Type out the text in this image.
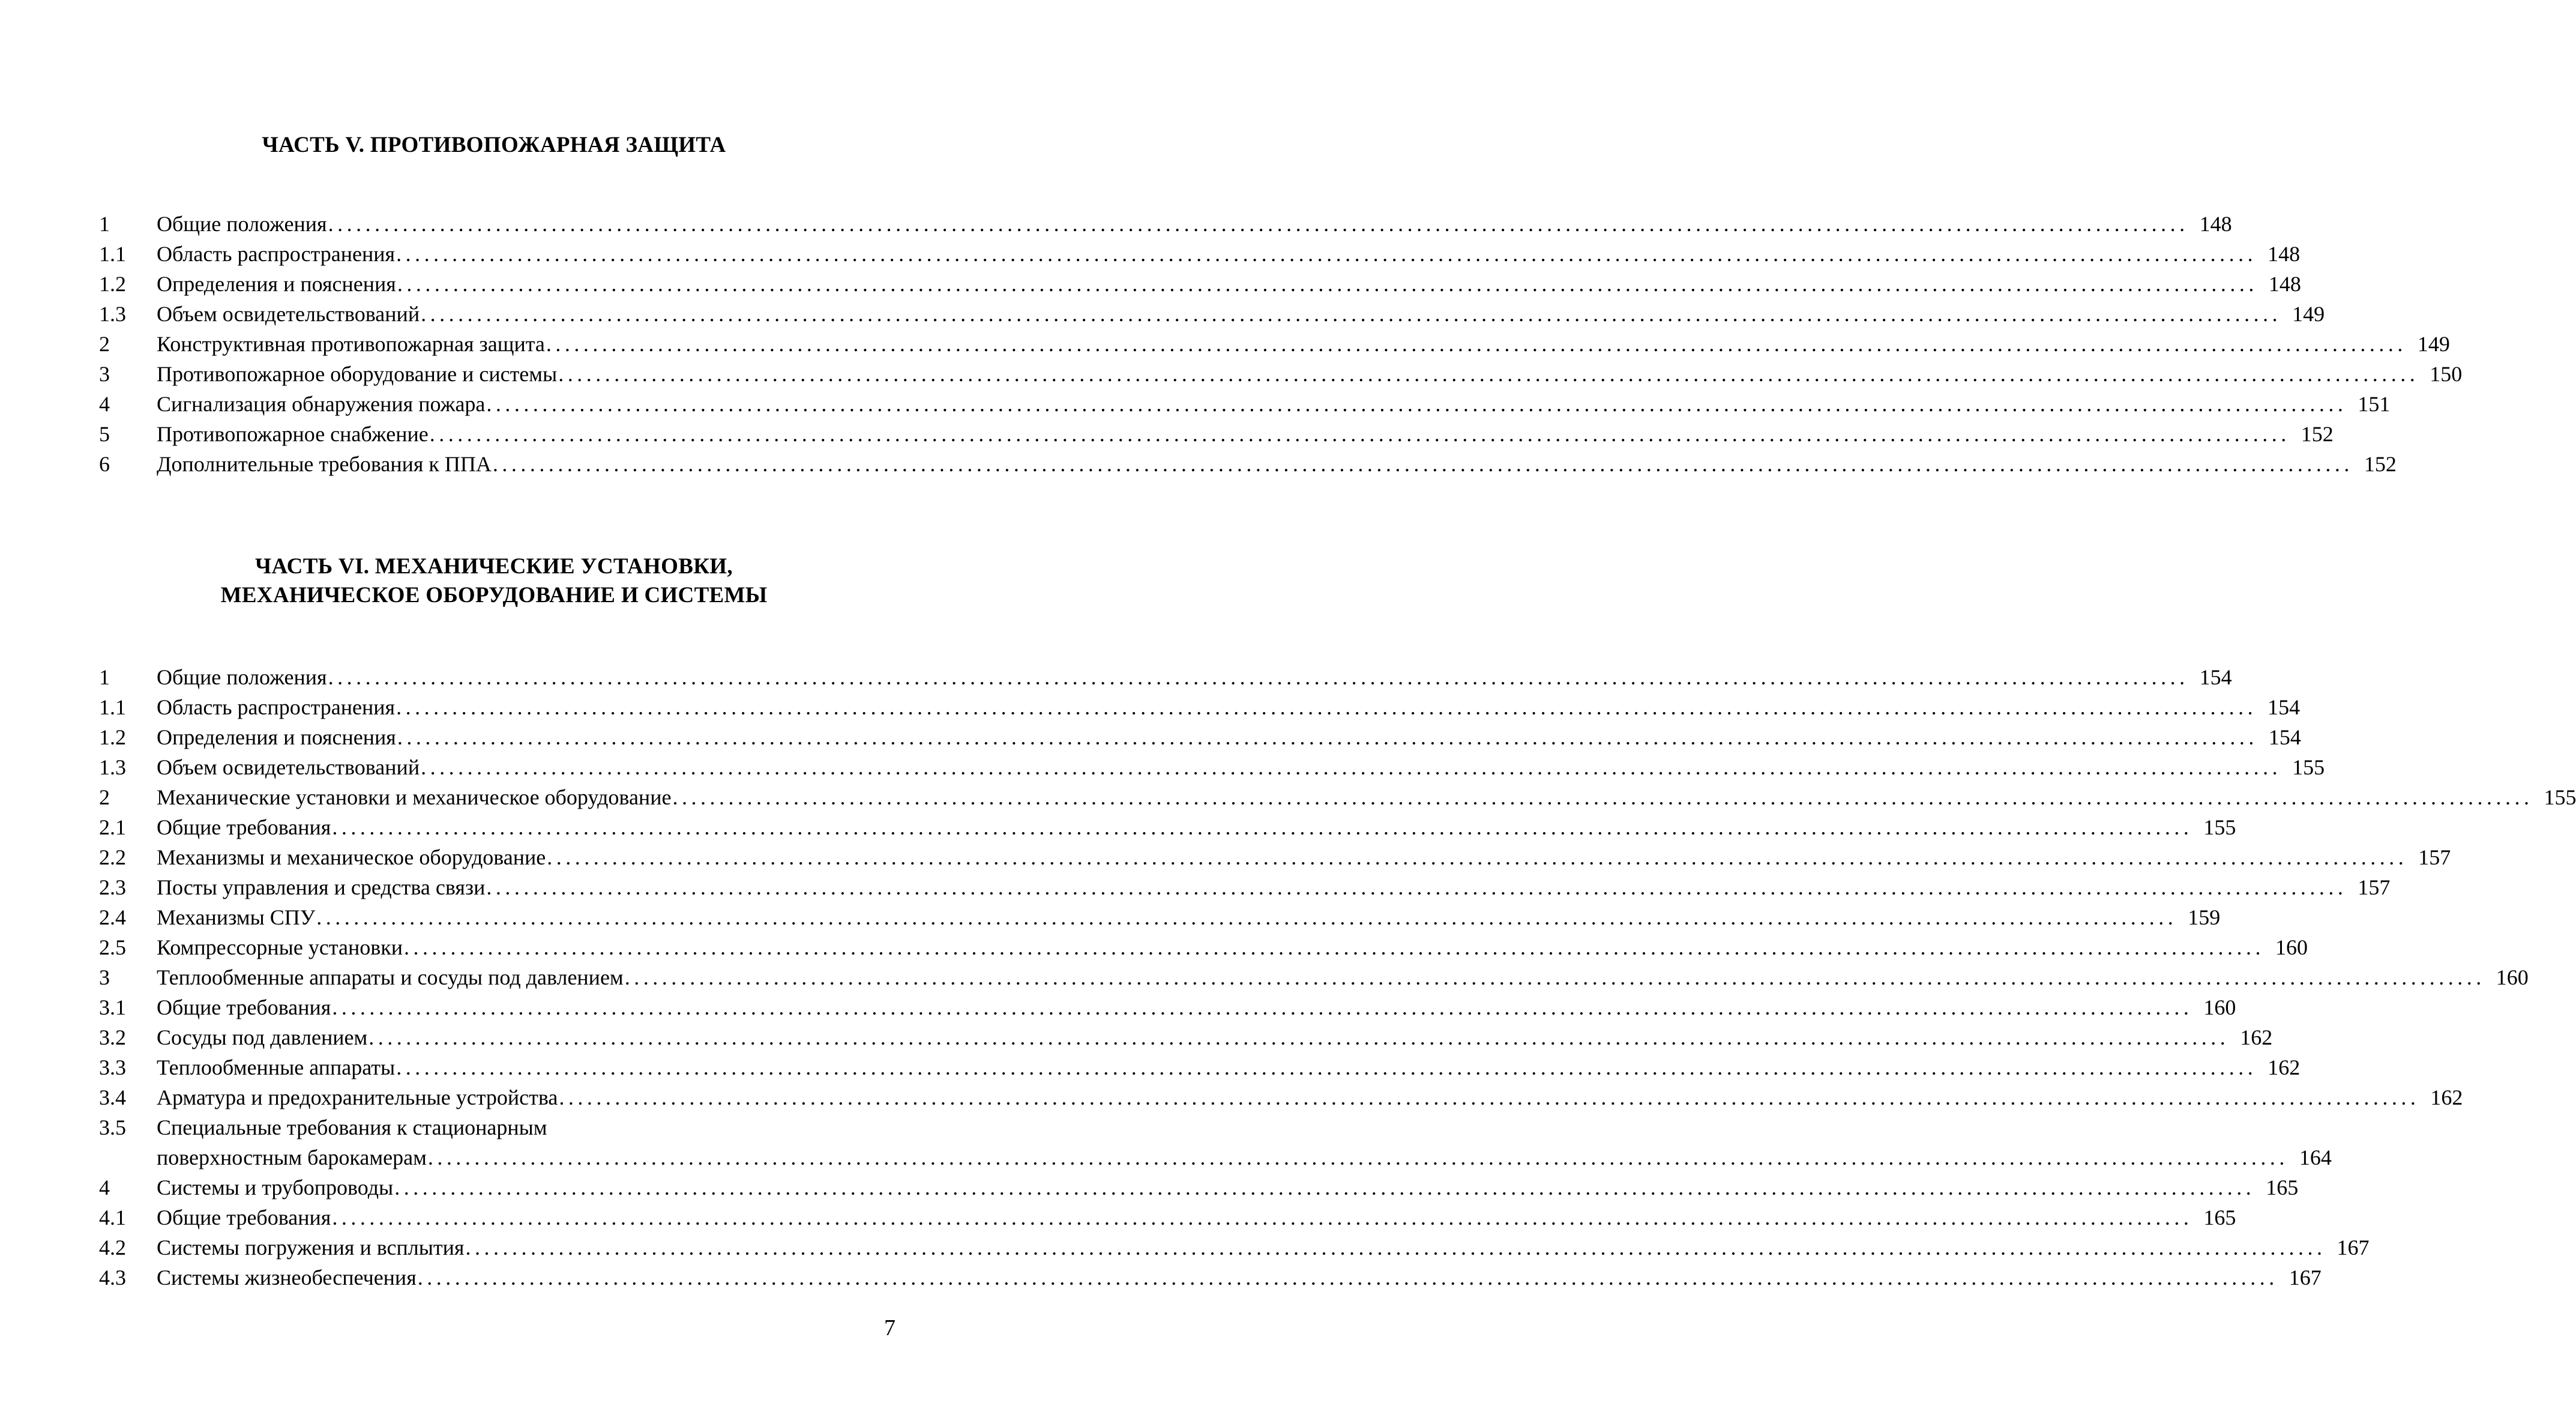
ЧАСТЬ V. ПРОТИВОПОЖАРНАЯ ЗАЩИТА
1 Общие положения ........................................................................................................................................................................................................ 148
1.1 Область распространения ........................................................................................................................................................................................................ 148
1.2 Определения и пояснения ........................................................................................................................................................................................................ 148
1.3 Объем освидетельствований ........................................................................................................................................................................................................ 149
2 Конструктивная противопожарная защита ........................................................................................................................................................................................................ 149
3 Противопожарное оборудование и системы ........................................................................................................................................................................................................ 150
4 Сигнализация обнаружения пожара ........................................................................................................................................................................................................ 151
5 Противопожарное снабжение ........................................................................................................................................................................................................ 152
6 Дополнительные требования к ППА ........................................................................................................................................................................................................ 152
ЧАСТЬ VI. МЕХАНИЧЕСКИЕ УСТАНОВКИ,
МЕХАНИЧЕСКОЕ ОБОРУДОВАНИЕ И СИСТЕМЫ
1 Общие положения ........................................................................................................................................................................................................ 154
1.1 Область распространения ........................................................................................................................................................................................................ 154
1.2 Определения и пояснения ........................................................................................................................................................................................................ 154
1.3 Объем освидетельствований ........................................................................................................................................................................................................ 155
2 Механические установки и механическое оборудование ........................................................................................................................................................................................................ 155
2.1 Общие требования ........................................................................................................................................................................................................ 155
2.2 Механизмы и механическое оборудование ........................................................................................................................................................................................................ 157
2.3 Посты управления и средства связи ........................................................................................................................................................................................................ 157
2.4 Механизмы СПУ ........................................................................................................................................................................................................ 159
2.5 Компрессорные установки ........................................................................................................................................................................................................ 160
3 Теплообменные аппараты и сосуды под давлением ........................................................................................................................................................................................................ 160
3.1 Общие требования ........................................................................................................................................................................................................ 160
3.2 Сосуды под давлением ........................................................................................................................................................................................................ 162
3.3 Теплообменные аппараты ........................................................................................................................................................................................................ 162
3.4 Арматура и предохранительные устройства ........................................................................................................................................................................................................ 162
3.5 Специальные требования к стационарным
поверхностным барокамерам ........................................................................................................................................................................................................ 164
4 Системы и трубопроводы ........................................................................................................................................................................................................ 165
4.1 Общие требования ........................................................................................................................................................................................................ 165
4.2 Системы погружения и всплытия ........................................................................................................................................................................................................ 167
4.3 Системы жизнеобеспечения ........................................................................................................................................................................................................ 167
7
